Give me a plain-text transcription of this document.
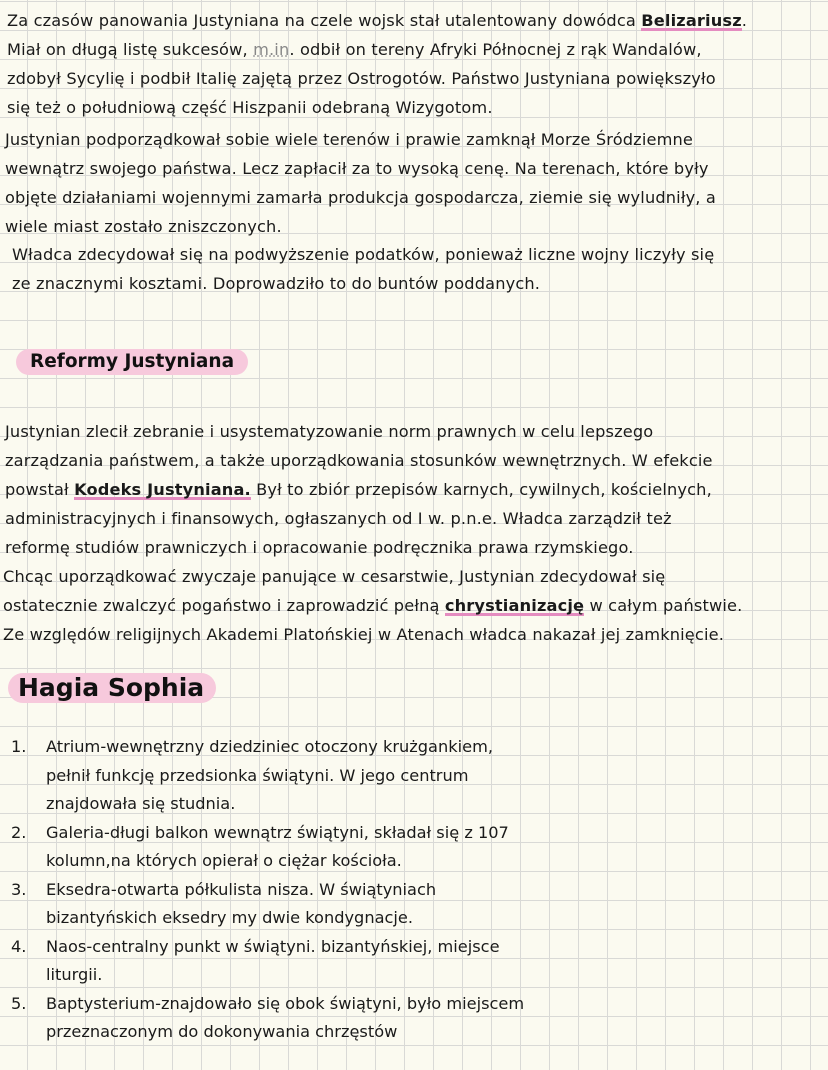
Za czasów panowania Justyniana na czele wojsk stał utalentowany dowódca Belizariusz.
Miał on długą listę sukcesów, m.in. odbił on tereny Afryki Północnej z rąk Wandalów,
zdobył Sycylię i podbił Italię zajętą przez Ostrogotów. Państwo Justyniana powiększyło
się też o południową część Hiszpanii odebraną Wizygotom.

Justynian podporządkował sobie wiele terenów i prawie zamknął Morze Śródziemne
wewnątrz swojego państwa. Lecz zapłacił za to wysoką cenę. Na terenach, które były
objęte działaniami wojennymi zamarła produkcja gospodarcza, ziemie się wyludniły, a
wiele miast zostało zniszczonych.

Władca zdecydował się na podwyższenie podatków, ponieważ liczne wojny liczyły się
ze znacznymi kosztami. Doprowadziło to do buntów poddanych.

Reformy Justyniana

Justynian zlecił zebranie i usystematyzowanie norm prawnych w celu lepszego
zarządzania państwem, a także uporządkowania stosunków wewnętrznych. W efekcie
powstał Kodeks Justyniana. Był to zbiór przepisów karnych, cywilnych, kościelnych,
administracyjnych i finansowych, ogłaszanych od I w. p.n.e. Władca zarządził też
reformę studiów prawniczych i opracowanie podręcznika prawa rzymskiego.

Chcąc uporządkować zwyczaje panujące w cesarstwie, Justynian zdecydował się
ostatecznie zwalczyć pogaństwo i zaprowadzić pełną chrystianizację w całym państwie.
Ze względów religijnych Akademi Platońskiej w Atenach władca nakazał jej zamknięcie.

Hagia Sophia
1.	Atrium-wewnętrzny dziedziniec otoczony krużgankiem,
pełnił funkcję przedsionka świątyni. W jego centrum
znajdowała się studnia.
2.	Galeria-długi balkon wewnątrz świątyni, składał się z 107
kolumn,na których opierał o ciężar kościoła.
3.	Eksedra-otwarta półkulista nisza. W świątyniach
bizantyńskich eksedry my dwie kondygnacje.
4.	Naos-centralny punkt w świątyni. bizantyńskiej, miejsce
liturgii.
5.	Baptysterium-znajdowało się obok świątyni, było miejscem
przeznaczonym do dokonywania chrzęstów
